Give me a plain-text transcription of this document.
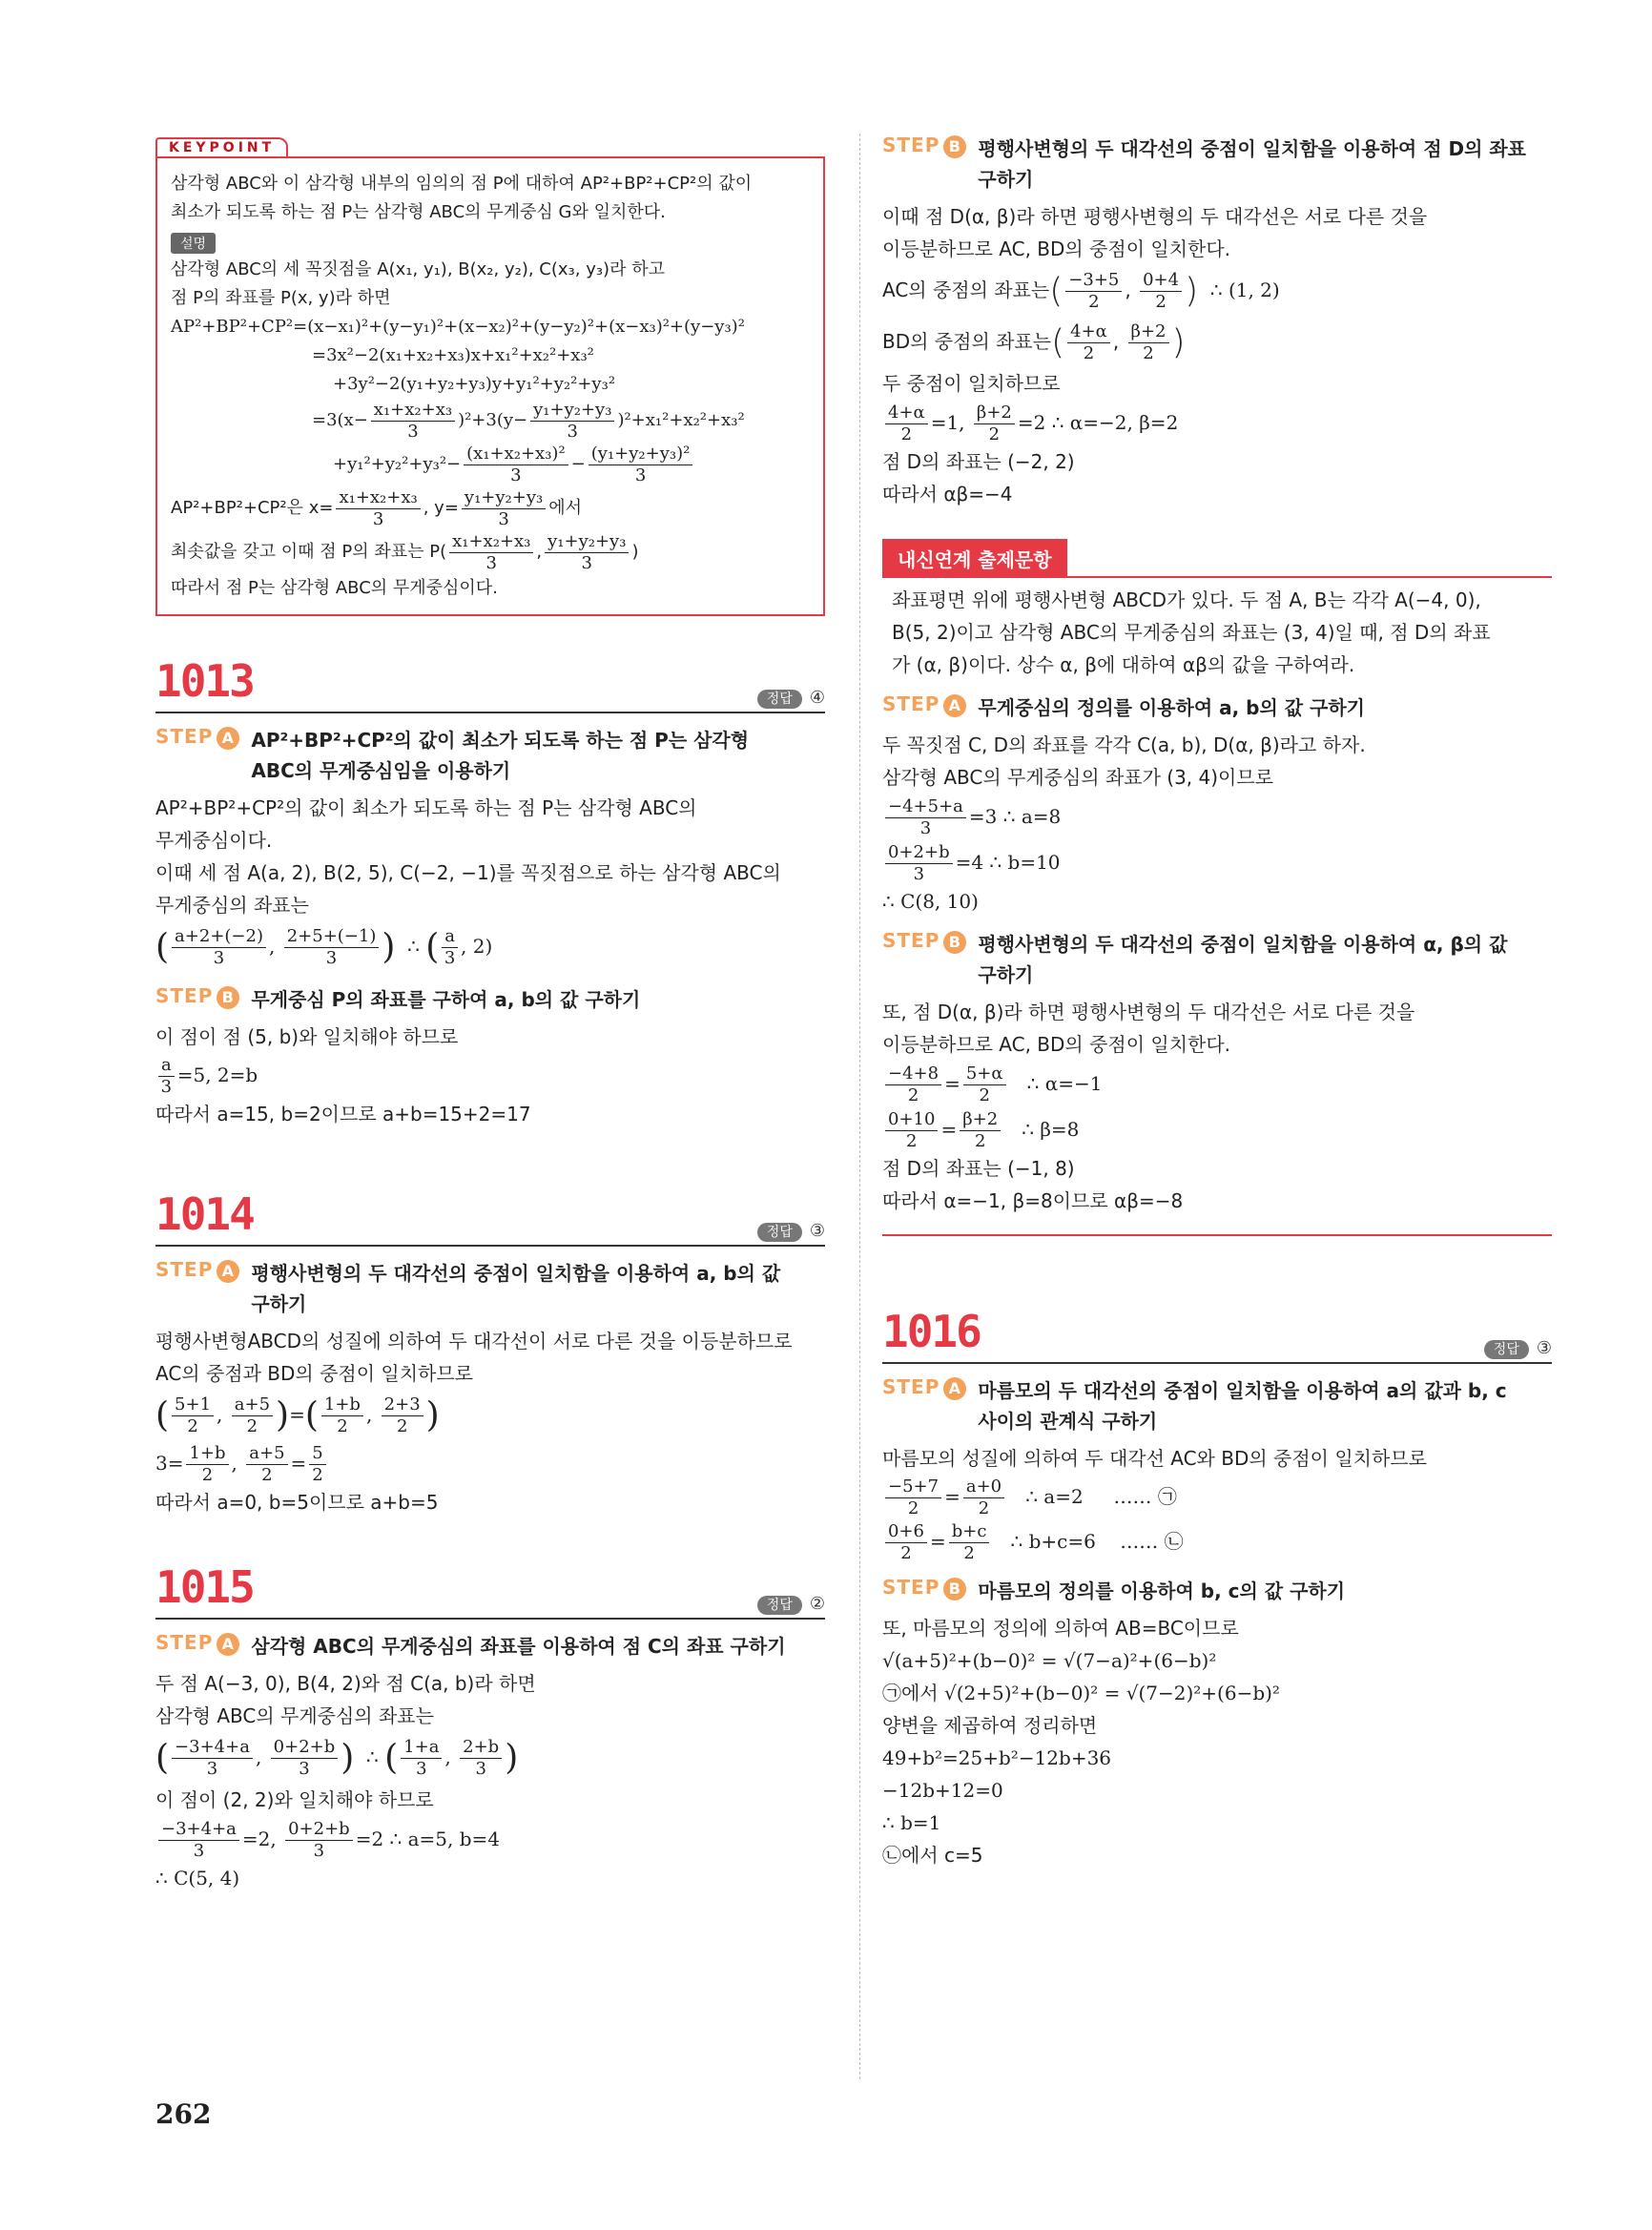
KEYPOINT
삼각형 ABC와 이 삼각형 내부의 임의의 점 P에 대하여 AP²+BP²+CP²의 값이
최소가 되도록 하는 점 P는 삼각형 ABC의 무게중심 G와 일치한다.
설명
삼각형 ABC의 세 꼭짓점을 A(x₁, y₁), B(x₂, y₂), C(x₃, y₃)라 하고
점 P의 좌표를 P(x, y)라 하면
AP²+BP²+CP²=(x−x₁)²+(y−y₁)²+(x−x₂)²+(y−y₂)²+(x−x₃)²+(y−y₃)²
=3x²−2(x₁+x₂+x₃)x+x₁²+x₂²+x₃²
+3y²−2(y₁+y₂+y₃)y+y₁²+y₂²+y₃²
$=3(x- \frac{\text{x₁+x₂+x₃}}{3} )^2+3(y- \frac{\text{y₁+y₂+y₃}}{3} )^2+x_1^2+x_2^2+x_3^2$
$+y_1^2+y_2^2+y_3^2- \frac{\text{(x₁+x₂+x₃)²}}{3} - \frac{\text{(y₁+y₂+y₃)²}}{3}$
AP²+BP²+CP²은 $x= \frac{\text{x₁+x₂+x₃}}{3}$ , $y= \frac{\text{y₁+y₂+y₃}}{3}$ 에서
최솟값을 갖고 이때 점 P의 좌표는 $P( \frac{\text{x₁+x₂+x₃}}{3}$ , $\frac{\text{y₁+y₂+y₃}}{3}$ )
따라서 점 P는 삼각형 ABC의 무게중심이다.
1013	정답 ④
STEP A AP²+BP²+CP²의 값이 최소가 되도록 하는 점 P는 삼각형
ABC의 무게중심임을 이용하기
AP²+BP²+CP²의 값이 최소가 되도록 하는 점 P는 삼각형 ABC의
무게중심이다.
이때 세 점 A(a, 2), B(2, 5), C(−2, −1)를 꼭짓점으로 하는 삼각형 ABC의
무게중심의 좌표는
( $\frac{a+2+(-2)}{3}$ , $\frac{2+5+(-1)}{3}$ ) ∴ ( $\frac{a}{3}$ , 2)
STEP B 무게중심 P의 좌표를 구하여 a, b의 값 구하기
이 점이 점 (5, b)와 일치해야 하므로
$\frac{a}{3} =5$, 2=b
따라서 a=15, b=2이므로 a+b=15+2=17
1014	정답 ③
STEP A 평행사변형의 두 대각선의 중점이 일치함을 이용하여 a, b의 값
구하기
평행사변형ABCD의 성질에 의하여 두 대각선이 서로 다른 것을 이등분하므로
AC의 중점과 BD의 중점이 일치하므로
( $\frac{5+1}{2}$ , $\frac{a+5}{2}$ )=( $\frac{1+b}{2}$ , $\frac{2+3}{2}$ )
$3= \frac{1+b}{2}$ , $\frac{a+5}{2} = \frac{5}{2}$
따라서 a=0, b=5이므로 a+b=5
1015	정답 ②
STEP A 삼각형 ABC의 무게중심의 좌표를 이용하여 점 C의 좌표 구하기
두 점 A(−3, 0), B(4, 2)와 점 C(a, b)라 하면
삼각형 ABC의 무게중심의 좌표는
( $\frac{-3+4+a}{3}$ , $\frac{0+2+b}{3}$ ) ∴ ( $\frac{1+a}{3}$ , $\frac{2+b}{3}$ )
이 점이 (2, 2)와 일치해야 하므로
$\frac{-3+4+a}{3} =2$, $\frac{0+2+b}{3} =2$ ∴ a=5, b=4
∴ C(5, 4)
STEP B 평행사변형의 두 대각선의 중점이 일치함을 이용하여 점 D의 좌표
구하기
이때 점 D(α, β)라 하면 평행사변형의 두 대각선은 서로 다른 것을
이등분하므로 AC, BD의 중점이 일치한다.
AC의 중점의 좌표는( $\frac{-3+5}{2}$ , $\frac{0+4}{2}$ ) ∴ (1, 2)
BD의 중점의 좌표는( $\frac{4+\alpha}{2}$ , $\frac{\beta+2}{2}$ )
두 중점이 일치하므로
$\frac{4+\alpha}{2} =1$, $\frac{\beta+2}{2} =2$ ∴ α=−2, β=2
점 D의 좌표는 (−2, 2)
따라서 αβ=−4
내신연계 출제문항
좌표평면 위에 평행사변형 ABCD가 있다. 두 점 A, B는 각각 A(−4, 0),
B(5, 2)이고 삼각형 ABC의 무게중심의 좌표는 (3, 4)일 때, 점 D의 좌표
가 (α, β)이다. 상수 α, β에 대하여 αβ의 값을 구하여라.
STEP A 무게중심의 정의를 이용하여 a, b의 값 구하기
두 꼭짓점 C, D의 좌표를 각각 C(a, b), D(α, β)라고 하자.
삼각형 ABC의 무게중심의 좌표가 (3, 4)이므로
$\frac{-4+5+a}{3} =3$ ∴ a=8
$\frac{0+2+b}{3} =4$ ∴ b=10
∴ C(8, 10)
STEP B 평행사변형의 두 대각선의 중점이 일치함을 이용하여 α, β의 값
구하기
또, 점 D(α, β)라 하면 평행사변형의 두 대각선은 서로 다른 것을
이등분하므로 AC, BD의 중점이 일치한다.
$\frac{-4+8}{2} = \frac{5+\alpha}{2}$ ∴ α=−1
$\frac{0+10}{2} = \frac{\beta+2}{2}$ ∴ β=8
점 D의 좌표는 (−1, 8)
따라서 α=−1, β=8이므로 αβ=−8
1016	정답 ③
STEP A 마름모의 두 대각선의 중점이 일치함을 이용하여 a의 값과 b, c
사이의 관계식 구하기
마름모의 성질에 의하여 두 대각선 AC와 BD의 중점이 일치하므로
$\frac{-5+7}{2} = \frac{a+0}{2}$ ∴ a=2 …… ㉠
$\frac{0+6}{2} = \frac{b+c}{2}$ ∴ b+c=6 …… ㉡
STEP B 마름모의 정의를 이용하여 b, c의 값 구하기
또, 마름모의 정의에 의하여 AB=BC이므로
√(a+5)²+(b−0)² = √(7−a)²+(6−b)²
㉠에서 √(2+5)²+(b−0)² = √(7−2)²+(6−b)²
양변을 제곱하여 정리하면
49+b²=25+b²−12b+36
−12b+12=0
∴ b=1
㉡에서 c=5
262
